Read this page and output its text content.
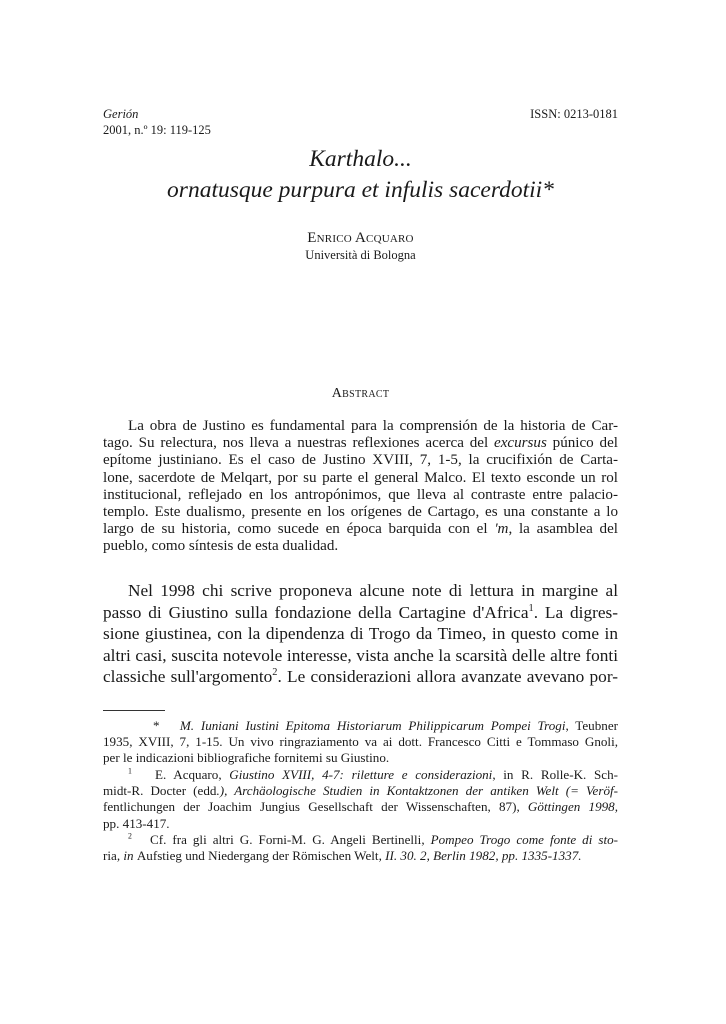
Gerión
2001, n.º 19: 119-125
ISSN: 0213-0181
Karthalo...
ornatusque purpura et infulis sacerdotii*
Enrico Acquaro
Università di Bologna
Abstract
La obra de Justino es fundamental para la comprensión de la historia de Car-
tago. Su relectura, nos lleva a nuestras reflexiones acerca del excursus púnico del
epítome justiniano. Es el caso de Justino XVIII, 7, 1-5, la crucifixión de Carta-
lone, sacerdote de Melqart, por su parte el general Malco. El texto esconde un rol
institucional, reflejado en los antropónimos, que lleva al contraste entre palacio-
templo. Este dualismo, presente en los orígenes de Cartago, es una constante a lo
largo de su historia, como sucede en época barquida con el 'm, la asamblea del
pueblo, como síntesis de esta dualidad.
Nel 1998 chi scrive proponeva alcune note di lettura in margine al
passo di Giustino sulla fondazione della Cartagine d'Africa$^1$. La digres-
sione giustinea, con la dipendenza di Trogo da Timeo, in questo come in
altri casi, suscita notevole interesse, vista anche la scarsità delle altre fonti
classiche sull'argomento$^2$. Le considerazioni allora avanzate avevano por-
* M. Iuniani Iustini Epitoma Historiarum Philippicarum Pompei Trogi, Teubner
1935, XVIII, 7, 1-15. Un vivo ringraziamento va ai dott. Francesco Citti e Tommaso Gnoli,
per le indicazioni bibliografiche fornitemi su Giustino.
$^1$ E. Acquaro, Giustino XVIII, 4-7: riletture e considerazioni, in R. Rolle-K. Sch-
midt-R. Docter (edd.), Archäologische Studien in Kontaktzonen der antiken Welt (= Veröf-
fentlichungen der Joachim Jungius Gesellschaft der Wissenschaften, 87), Göttingen 1998,
pp. 413-417.
$^2$ Cf. fra gli altri G. Forni-M. G. Angeli Bertinelli, Pompeo Trogo come fonte di sto-
ria, in Aufstieg und Niedergang der Römischen Welt, II. 30. 2, Berlin 1982, pp. 1335-1337.
